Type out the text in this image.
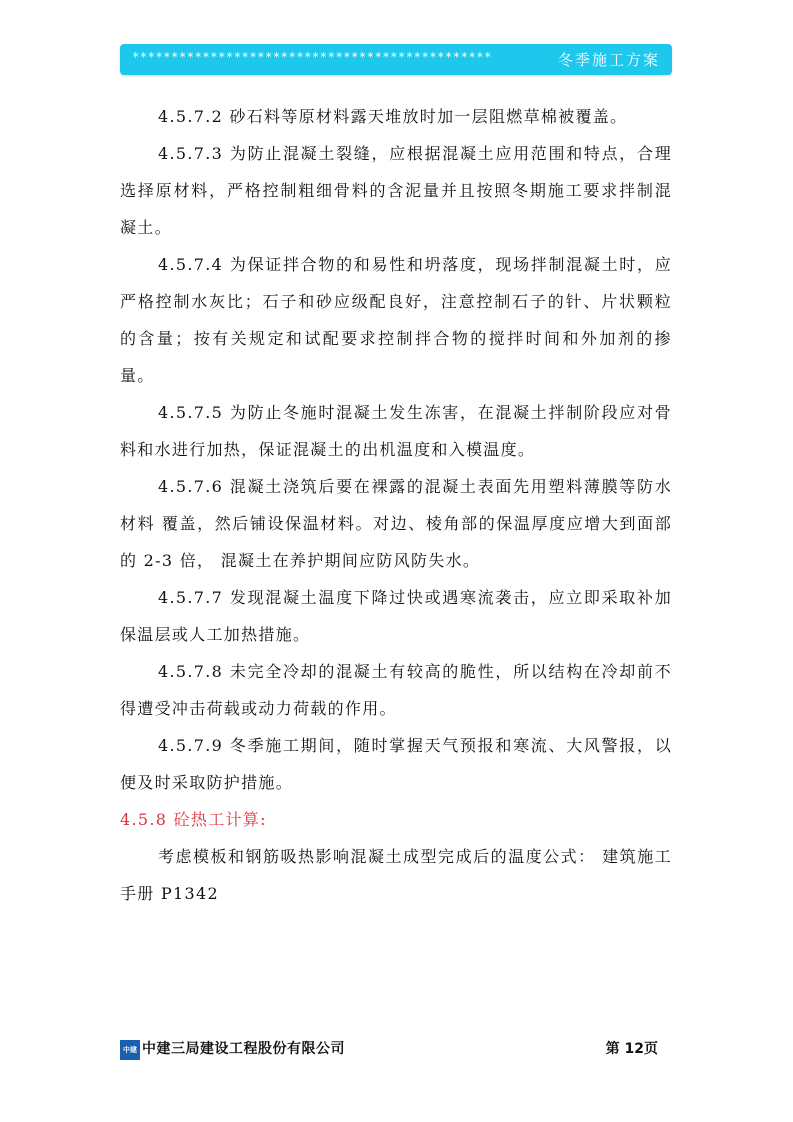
**********************************************	冬季施工方案

4.5.7.2 砂石料等原材料露天堆放时加一层阻燃草棉被覆盖。

4.5.7.3 为防止混凝土裂缝，应根据混凝土应用范围和特点，合理选择原材料，严格控制粗细骨料的含泥量并且按照冬期施工要求拌制混凝土。

4.5.7.4 为保证拌合物的和易性和坍落度，现场拌制混凝土时，应严格控制水灰比；石子和砂应级配良好，注意控制石子的针、片状颗粒的含量；按有关规定和试配要求控制拌合物的搅拌时间和外加剂的掺量。

4.5.7.5 为防止冬施时混凝土发生冻害，在混凝土拌制阶段应对骨料和水进行加热，保证混凝土的出机温度和入模温度。

4.5.7.6 混凝土浇筑后要在裸露的混凝土表面先用塑料薄膜等防水材料 覆盖，然后铺设保温材料。对边、棱角部的保温厚度应增大到面部的 2-3 倍， 混凝土在养护期间应防风防失水。

4.5.7.7 发现混凝土温度下降过快或遇寒流袭击，应立即采取补加保温层或人工加热措施。

4.5.7.8 未完全冷却的混凝土有较高的脆性，所以结构在冷却前不得遭受冲击荷载或动力荷载的作用。

4.5.7.9 冬季施工期间，随时掌握天气预报和寒流、大风警报，以便及时采取防护措施。

4.5.8 砼热工计算:

考虑模板和钢筋吸热影响混凝土成型完成后的温度公式： 建筑施工手册 P1342

中建 中建三局建设工程股份有限公司	第 12页
